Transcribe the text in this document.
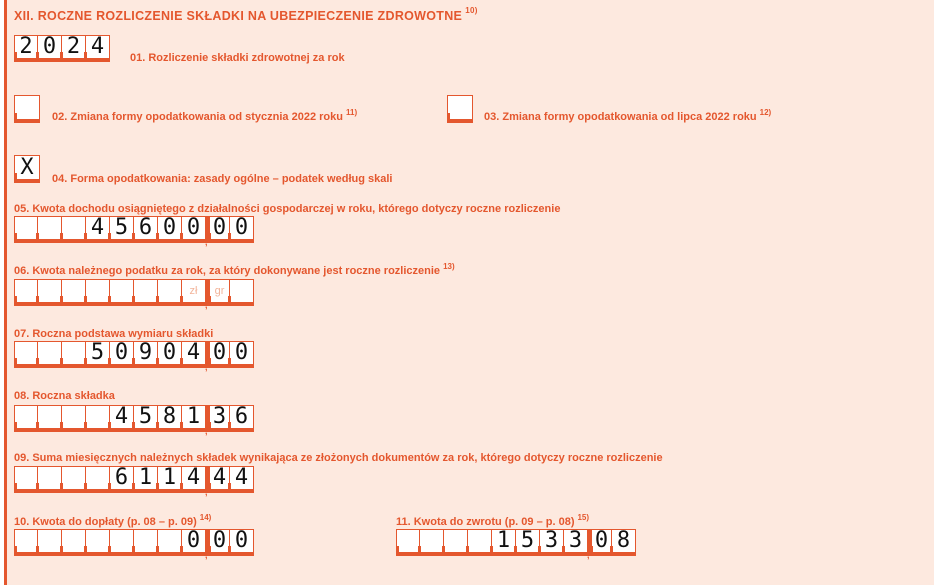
XII. ROCZNE ROZLICZENIE SKŁADKI NA UBEZPIECZENIE ZDROWOTNE $^{10)}$
2 0 2 4 01. Rozliczenie składki zdrowotnej za rok
02. Zmiana formy opodatkowania od stycznia 2022 roku $^{11)}$	03. Zmiana formy opodatkowania od lipca 2022 roku $^{12)}$
X 04. Forma opodatkowania: zasady ogólne – podatek według skali
05. Kwota dochodu osiągniętego z działalności gospodarczej w roku, którego dotyczy roczne rozliczenie
4 5 6 0 0
,
0 0
06. Kwota należnego podatku za rok, za który dokonywane jest roczne rozliczenie $^{13)}$
zł
,
gr
07. Roczna podstawa wymiaru składki
5 0 9 0 4
,
0 0
08. Roczna składka
4 5 8 1
,
3 6
09. Suma miesięcznych należnych składek wynikająca ze złożonych dokumentów za rok, którego dotyczy roczne rozliczenie
6 1 1 4
,
4 4
10. Kwota do dopłaty (p. 08 – p. 09) $^{14)}$
0
,
0 0
11. Kwota do zwrotu (p. 09 – p. 08) $^{15)}$
1 5 3 3
,
0 8
